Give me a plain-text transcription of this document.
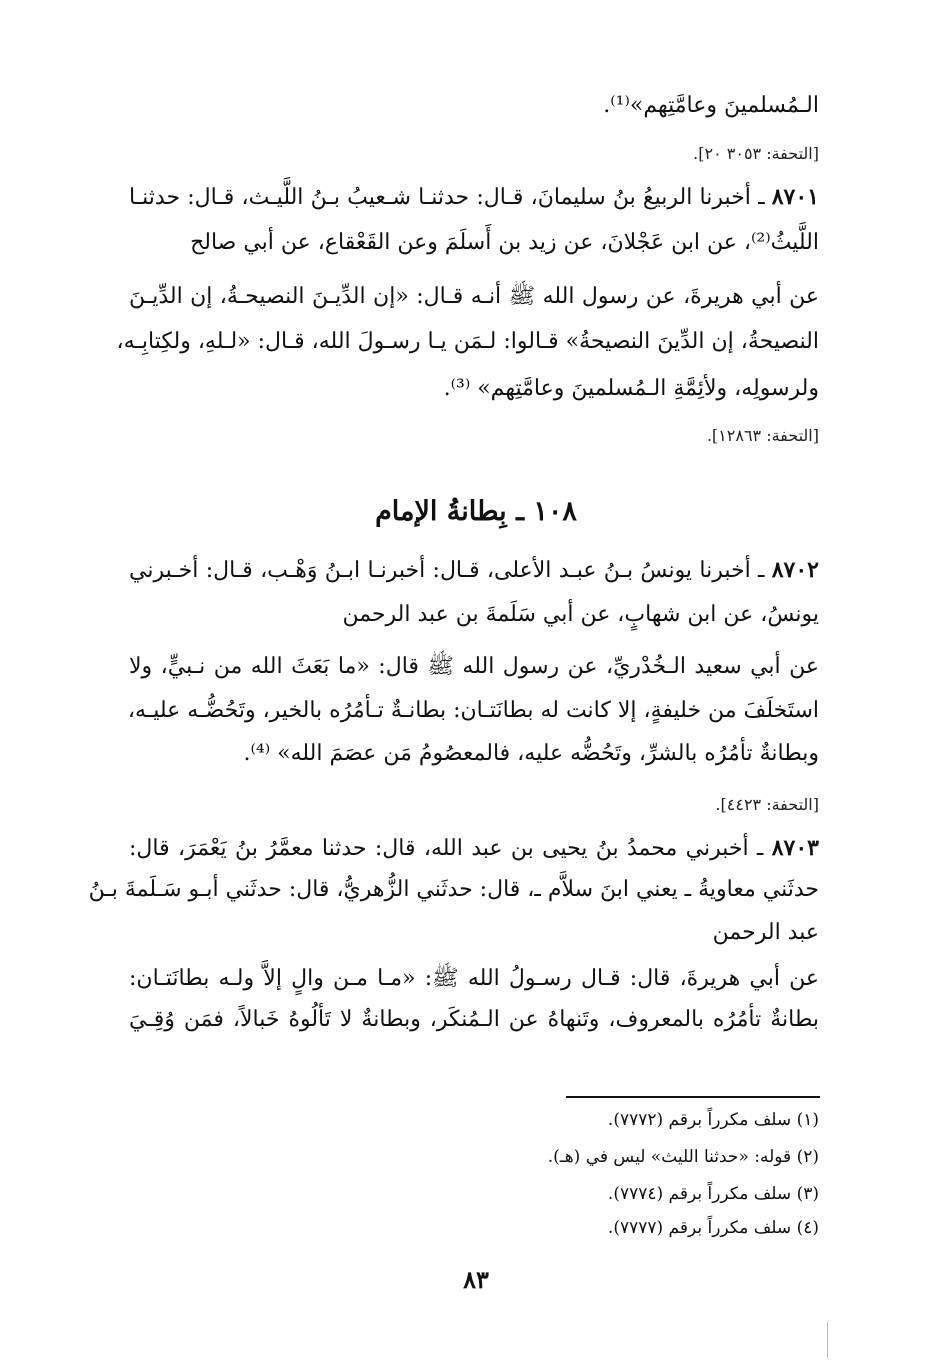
الـمُسلمينَ وعامَّتِهم»⁽¹⁾.
[التحفة: ٣٠٥٣ ٢٠].
٨٧٠١ ـ أخبرنا الربيعُ بنُ سليمانَ، قـال: حدثنـا شـعيبُ بـنُ اللَّيـث، قـال: حدثنـا
اللَّيثُ⁽²⁾، عن ابن عَجْلانَ، عن زيد بن أَسلَمَ وعن القَعْقاع، عن أبي صالح
عن أبي هريرةَ، عن رسول الله ﷺ أنـه قـال: «إن الدِّيـنَ النصيحـةُ، إن الدِّيـنَ
النصيحةُ، إن الدِّينَ النصيحةُ» قـالوا: لـمَن يـا رسـولَ الله، قـال: «لـلهِ، ولكِتابِـه،
ولرسولِه، ولأئِمَّةِ الـمُسلمينَ وعامَّتِهم» ⁽³⁾.
[التحفة: ١٢٨٦٣].
١٠٨ ـ بِطانةُ الإمام
٨٧٠٢ ـ أخبرنا يونسُ بـنُ عبـد الأعلى، قـال: أخبرنـا ابـنُ وَهْـب، قـال: أخـبرني
يونسُ، عن ابن شهابٍ، عن أبي سَلَمةَ بن عبد الرحمن
عن أبي سعيد الـخُدْريِّ، عن رسول الله ﷺ قال: «ما بَعَثَ الله من نـبيٍّ، ولا
استَخلَفَ من خليفةٍ، إلا كانت له بطانَتـان: بطانـةٌ تـأمُرُه بالخير، وتَحُضُّـه عليـه،
وبطانةٌ تأمُرُه بالشرِّ، وتَحُضُّه عليه، فالمعصُومُ مَن عصَمَ الله» ⁽⁴⁾.
[التحفة: ٤٤٢٣].
٨٧٠٣ ـ أخبرني محمدُ بنُ يحيى بن عبد الله، قال: حدثنا معمَّرُ بنُ يَعْمَرَ، قال:
حدثَني معاويةُ ـ يعني ابنَ سلاَّم ـ، قال: حدثَني الزُّهريُّ، قال: حدثَني أبـو سَـلَمةَ بـنُ
عبد الرحمن
عن أبي هريرةَ، قال: قـال رسـولُ الله ﷺ: «مـا مـن والٍ إلاَّ ولـه بطانَتـان:
بطانةٌ تأمُرُه بالمعروف، وتَنهاهُ عن الـمُنكَر، وبطانةٌ لا تَألُوهُ خَبالاً، فمَن وُقِـيَ
(١) سلف مكرراً برقم (٧٧٧٢).
(٢) قوله: «حدثنا الليث» ليس في (هـ).
(٣) سلف مكرراً برقم (٧٧٧٤).
(٤) سلف مكرراً برقم (٧٧٧٧).
٨٣
